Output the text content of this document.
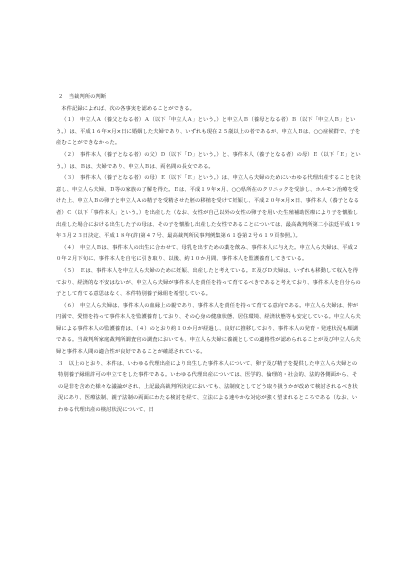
２　当裁判所の判断

本件記録によれば、次の各事実を認めることができる。

（１）　申立人Ａ（養父となる者）Ａ（以下「申立人Ａ」という。）と申立人Ｂ（養母となる者）Ｂ（以下「申立人Ｂ」という。）は、平成１６年×月×日に婚姻した夫婦であり、いずれも現在２５歳以上の者であるが、申立人Ｂは、○○症候群で、子を産むことができなかった。

（２）　事件本人（養子となる者）の父）Ｄ（以下「Ｄ」という。）と、事件本人（養子となる者）の母）Ｅ（以下「Ｅ」という。）は、Ｂは、夫婦であり、申立人Ｂは、両名間の長女である。

（３）　事件本人（養子となる者）の母）Ｅ（以下「Ｅ」という。）は、申立人ら夫婦のためにいわゆる代理出産することを決意し、申立人ら夫婦、Ｄ等の家族の了解を得た。Ｅは、平成１９年×月、○○県所在のクリニックを受診し、ホルモン治療を受けた上、申立人Ｂの卵子と申立人Ａの精子を受精させた胚の移植を受けて妊娠し、平成２０年×月×日、事件本人（養子となる者）Ｃ（以下「事件本人」という。）を出産した（なお、女性が自己以外の女性の卵子を用いた生殖補助医療により子を懐胎し出産した場合における出生した子の母は、その子を懐胎し出産した女性であることについては、最高裁判所第二小法廷平成１９年３月２３日決定、平成１８年(許)第４７号、最高裁判所民事判例集第６１巻第２号６１９頁参照。）。

（４）　申立人Ｂは、事件本人の出生に合わせて、母乳を出すための薬を飲み、事件本人に与えた。申立人ら夫婦は、平成２０年２月下旬に、事件本人を自宅に引き取り、以後、約１０か月間、事件本人を監護養育してきている。

（５）　Ｅは、事件本人を申立人ら夫婦のために妊娠、出産したと考えている。Ｅ及びＤ夫婦は、いずれも移動して収入を得ており、経済的な不安はないが、申立人ら夫婦が事件本人を責任を持って育てるべきであると考えており、事件本人を自分らの子として育てる意思はなく、本件特別養子縁組を希望している。

（６）　申立人ら夫婦は、事件本人の血縁上の親であり、事件本人を責任を持って育てる意向である。申立人ら夫婦は、仲が円満で、愛情を持って事件本人を監護養育しており、その心身の健康状態、居住環境、経済状態等も安定している。申立人ら夫婦による事件本人の監護養育は、（４）のとおり約１０か月が経過し、良好に推移しており、事件本人の発育・発達状況も順調である。当裁判所家庭裁判所調査官の調査においても、申立人ら夫婦に養親としての適格性が認められることが及び申立人ら夫婦と事件本人間の適合性が良好であることが確認されている。

３　以上のとおり、本件は、いわゆる代理出産により出生した事件本人について、卵子及び精子を提供した申立人ら夫婦との特別養子縁組許可の申立てをした事件である。いわゆる代理出産については、医学的、倫理的・社会的、法的各側面から、その是非を含めた様々な議論がされ、上記最高裁判所決定においても、法制度としてどう取り扱うかが改めて検討されるべき状況にあり、医療法制、親子法制の両面にわたる検討を経て、立法による速やかな対応が強く望まれるところである（なお、いわゆる代理出産の検討状況について、日
